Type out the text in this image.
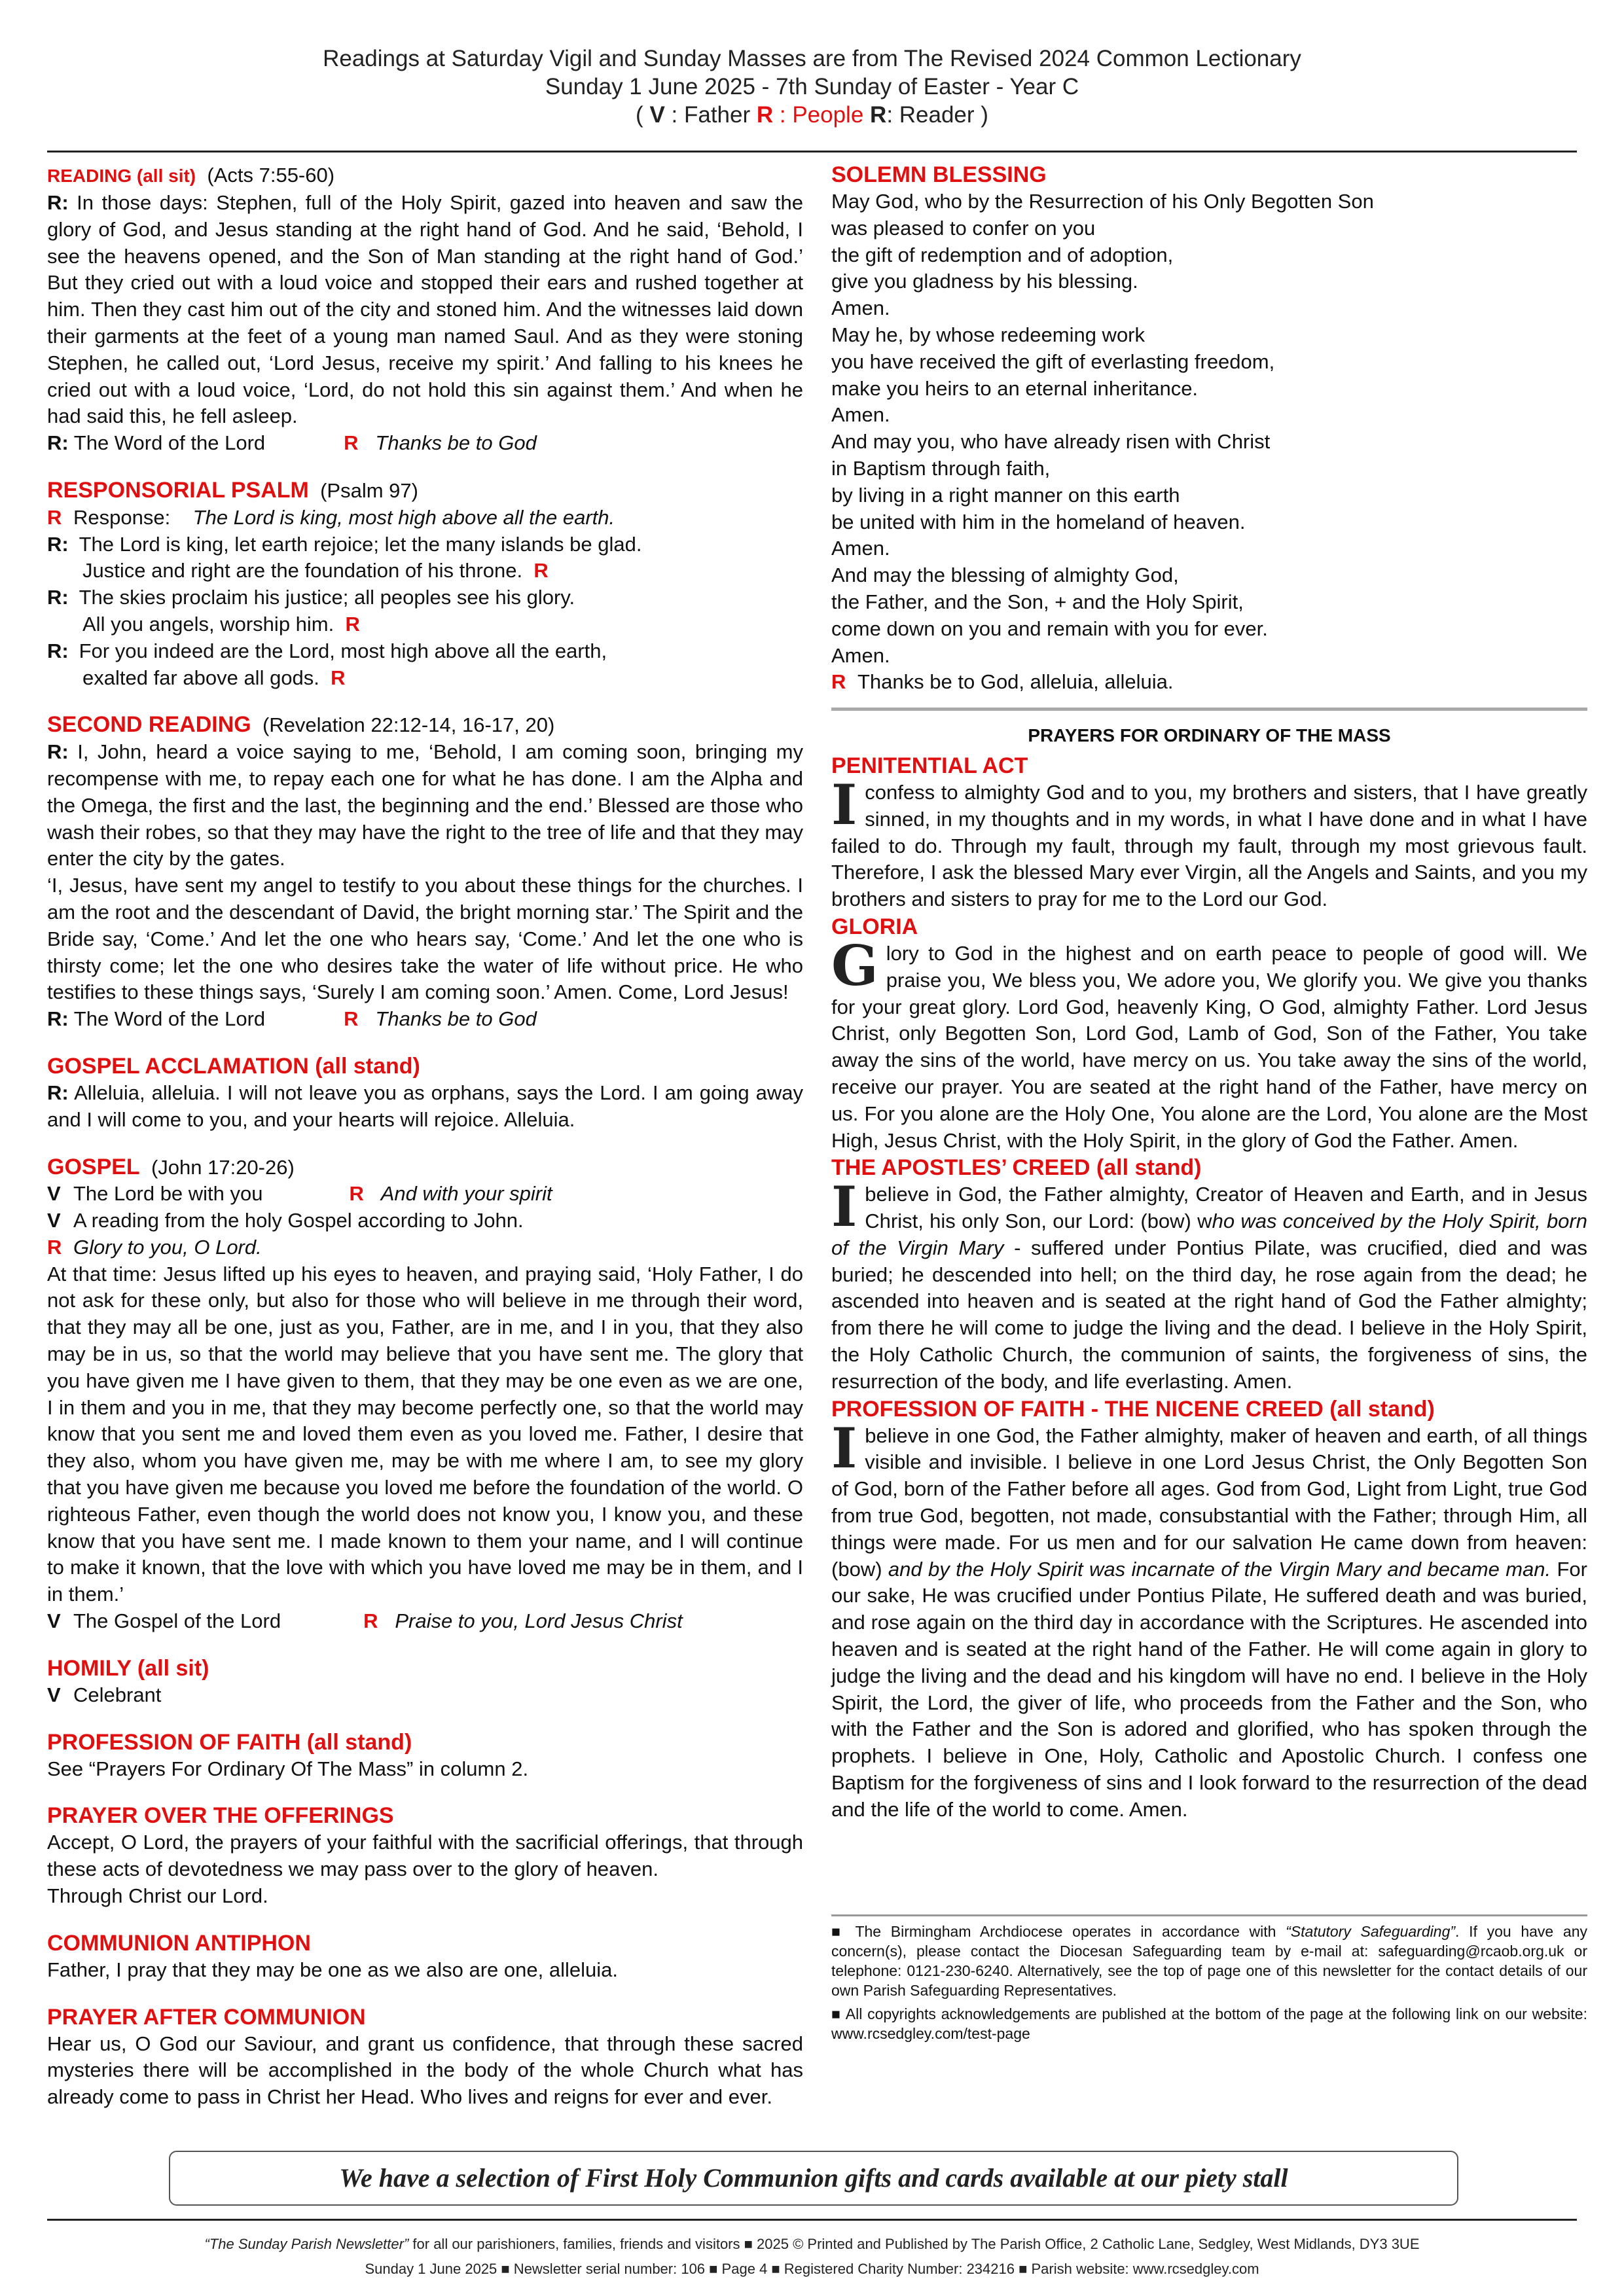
Readings at Saturday Vigil and Sunday Masses are from The Revised 2024 Common Lectionary
Sunday 1 June 2025 - 7th Sunday of Easter - Year C
( V : Father R : People R: Reader )
READING (all sit) (Acts 7:55-60)
R: In those days: Stephen, full of the Holy Spirit, gazed into heaven and saw the glory of God, and Jesus standing at the right hand of God. And he said, ‘Behold, I see the heavens opened, and the Son of Man standing at the right hand of God.’ But they cried out with a loud voice and stopped their ears and rushed together at him. Then they cast him out of the city and stoned him. And the witnesses laid down their garments at the feet of a young man named Saul. And as they were stoning Stephen, he called out, ‘Lord Jesus, receive my spirit.’ And falling to his knees he cried out with a loud voice, ‘Lord, do not hold this sin against them.’ And when he had said this, he fell asleep.
R: The Word of the Lord	R Thanks be to God
RESPONSORIAL PSALM (Psalm 97)
R Response: The Lord is king, most high above all the earth.
R: The Lord is king, let earth rejoice; let the many islands be glad.
Justice and right are the foundation of his throne. R
R: The skies proclaim his justice; all peoples see his glory.
All you angels, worship him. R
R: For you indeed are the Lord, most high above all the earth,
exalted far above all gods. R
SECOND READING (Revelation 22:12-14, 16-17, 20)
R: I, John, heard a voice saying to me, ‘Behold, I am coming soon, bringing my recompense with me, to repay each one for what he has done. I am the Alpha and the Omega, the first and the last, the beginning and the end.’ Blessed are those who wash their robes, so that they may have the right to the tree of life and that they may enter the city by the gates.
‘I, Jesus, have sent my angel to testify to you about these things for the churches. I am the root and the descendant of David, the bright morning star.’ The Spirit and the Bride say, ‘Come.’ And let the one who hears say, ‘Come.’ And let the one who is thirsty come; let the one who desires take the water of life without price. He who testifies to these things says, ‘Surely I am coming soon.’ Amen. Come, Lord Jesus!
R: The Word of the Lord	R Thanks be to God
GOSPEL ACCLAMATION (all stand)
R: Alleluia, alleluia. I will not leave you as orphans, says the Lord. I am going away and I will come to you, and your hearts will rejoice. Alleluia.
GOSPEL (John 17:20-26)
V The Lord be with you	R And with your spirit
V A reading from the holy Gospel according to John.
R Glory to you, O Lord.
At that time: Jesus lifted up his eyes to heaven, and praying said, ‘Holy Father, I do not ask for these only, but also for those who will believe in me through their word, that they may all be one, just as you, Father, are in me, and I in you, that they also may be in us, so that the world may believe that you have sent me. The glory that you have given me I have given to them, that they may be one even as we are one, I in them and you in me, that they may become perfectly one, so that the world may know that you sent me and loved them even as you loved me. Father, I desire that they also, whom you have given me, may be with me where I am, to see my glory that you have given me because you loved me before the foundation of the world. O righteous Father, even though the world does not know you, I know you, and these know that you have sent me. I made known to them your name, and I will continue to make it known, that the love with which you have loved me may be in them, and I in them.’
V The Gospel of the Lord	R Praise to you, Lord Jesus Christ
HOMILY (all sit)
V Celebrant
PROFESSION OF FAITH (all stand)
See “Prayers For Ordinary Of The Mass” in column 2.
PRAYER OVER THE OFFERINGS
Accept, O Lord, the prayers of your faithful with the sacrificial offerings, that through these acts of devotedness we may pass over to the glory of heaven.
Through Christ our Lord.
COMMUNION ANTIPHON
Father, I pray that they may be one as we also are one, alleluia.
PRAYER AFTER COMMUNION
Hear us, O God our Saviour, and grant us confidence, that through these sacred mysteries there will be accomplished in the body of the whole Church what has already come to pass in Christ her Head. Who lives and reigns for ever and ever.
SOLEMN BLESSING
May God, who by the Resurrection of his Only Begotten Son
was pleased to confer on you
the gift of redemption and of adoption,
give you gladness by his blessing.
Amen.
May he, by whose redeeming work
you have received the gift of everlasting freedom,
make you heirs to an eternal inheritance.
Amen.
And may you, who have already risen with Christ
in Baptism through faith,
by living in a right manner on this earth
be united with him in the homeland of heaven.
Amen.
And may the blessing of almighty God,
the Father, and the Son, + and the Holy Spirit,
come down on you and remain with you for ever.
Amen.
R Thanks be to God, alleluia, alleluia.
PRAYERS FOR ORDINARY OF THE MASS
PENITENTIAL ACT
Iconfess to almighty God and to you, my brothers and sisters, that I have greatly sinned, in my thoughts and in my words, in what I have done and in what I have failed to do. Through my fault, through my fault, through my most grievous fault. Therefore, I ask the blessed Mary ever Virgin, all the Angels and Saints, and you my brothers and sisters to pray for me to the Lord our God.
GLORIA
Glory to God in the highest and on earth peace to people of good will. We praise you, We bless you, We adore you, We glorify you. We give you thanks for your great glory. Lord God, heavenly King, O God, almighty Father. Lord Jesus Christ, only Begotten Son, Lord God, Lamb of God, Son of the Father, You take away the sins of the world, have mercy on us. You take away the sins of the world, receive our prayer. You are seated at the right hand of the Father, have mercy on us. For you alone are the Holy One, You alone are the Lord, You alone are the Most High, Jesus Christ, with the Holy Spirit, in the glory of God the Father. Amen.
THE APOSTLES’ CREED (all stand)
Ibelieve in God, the Father almighty, Creator of Heaven and Earth, and in Jesus Christ, his only Son, our Lord: (bow) who was conceived by the Holy Spirit, born of the Virgin Mary - suffered under Pontius Pilate, was crucified, died and was buried; he descended into hell; on the third day, he rose again from the dead; he ascended into heaven and is seated at the right hand of God the Father almighty; from there he will come to judge the living and the dead. I believe in the Holy Spirit, the Holy Catholic Church, the communion of saints, the forgiveness of sins, the resurrection of the body, and life everlasting. Amen.
PROFESSION OF FAITH - THE NICENE CREED (all stand)
Ibelieve in one God, the Father almighty, maker of heaven and earth, of all things visible and invisible. I believe in one Lord Jesus Christ, the Only Begotten Son of God, born of the Father before all ages. God from God, Light from Light, true God from true God, begotten, not made, consubstantial with the Father; through Him, all things were made. For us men and for our salvation He came down from heaven: (bow) and by the Holy Spirit was incarnate of the Virgin Mary and became man. For our sake, He was crucified under Pontius Pilate, He suffered death and was buried, and rose again on the third day in accordance with the Scriptures. He ascended into heaven and is seated at the right hand of the Father. He will come again in glory to judge the living and the dead and his kingdom will have no end. I believe in the Holy Spirit, the Lord, the giver of life, who proceeds from the Father and the Son, who with the Father and the Son is adored and glorified, who has spoken through the prophets. I believe in One, Holy, Catholic and Apostolic Church. I confess one Baptism for the forgiveness of sins and I look forward to the resurrection of the dead and the life of the world to come. Amen.
■ The Birmingham Archdiocese operates in accordance with “Statutory Safeguarding”. If you have any concern(s), please contact the Diocesan Safeguarding team by e-mail at: safeguarding@rcaob.org.uk or telephone: 0121-230-6240. Alternatively, see the top of page one of this newsletter for the contact details of our own Parish Safeguarding Representatives.
■ All copyrights acknowledgements are published at the bottom of the page at the following link on our website: www.rcsedgley.com/test-page
We have a selection of First Holy Communion gifts and cards available at our piety stall
“The Sunday Parish Newsletter” for all our parishioners, families, friends and visitors ■ 2025 © Printed and Published by The Parish Office, 2 Catholic Lane, Sedgley, West Midlands, DY3 3UE
Sunday 1 June 2025 ■ Newsletter serial number: 106 ■ Page 4 ■ Registered Charity Number: 234216 ■ Parish website: www.rcsedgley.com
